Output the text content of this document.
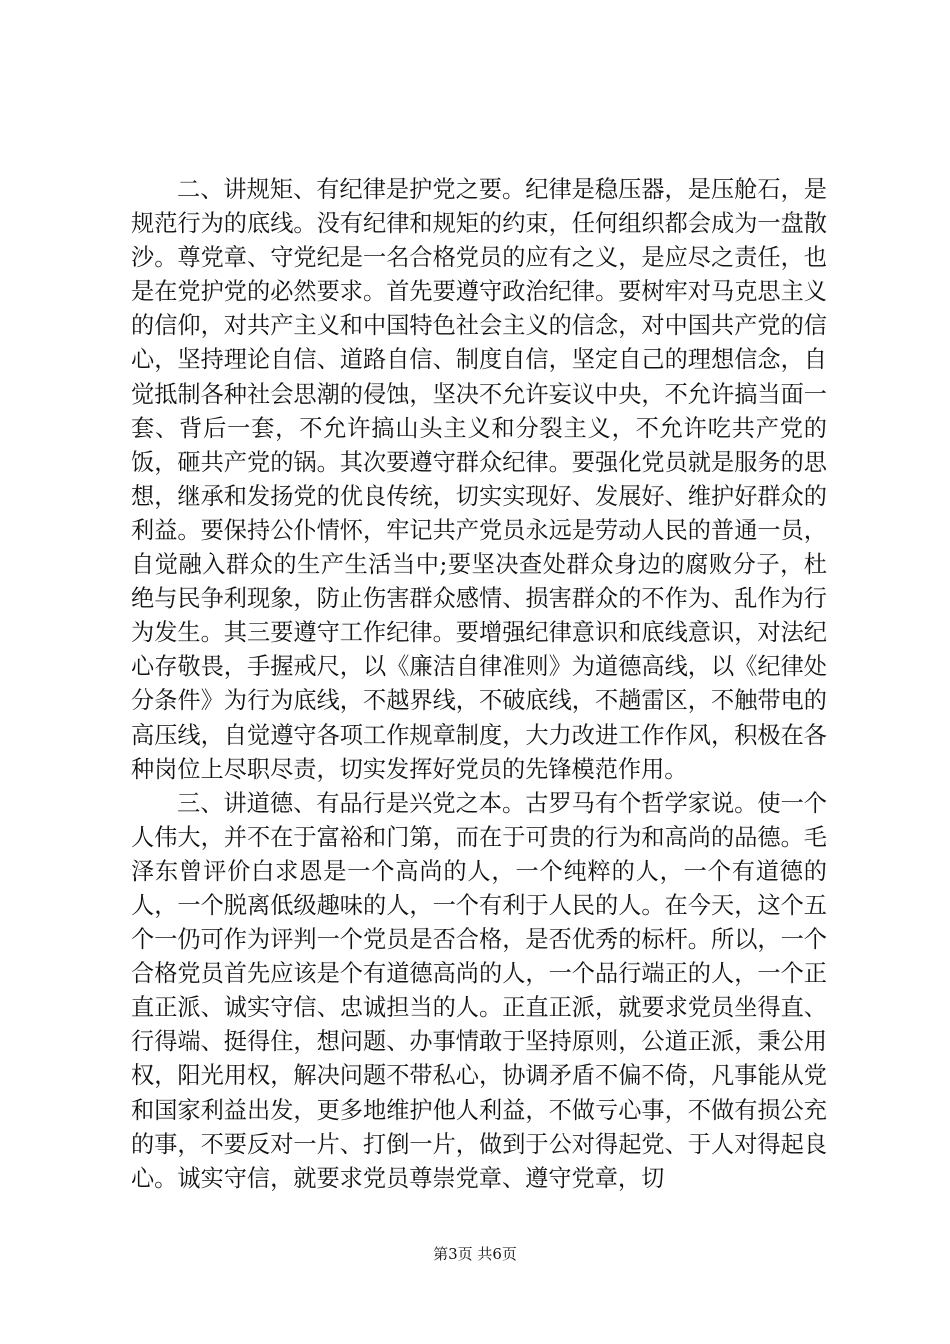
二、讲规矩、有纪律是护党之要。纪律是稳压器，是压舱石，是规范行为的底线。没有纪律和规矩的约束，任何组织都会成为一盘散沙。尊党章、守党纪是一名合格党员的应有之义，是应尽之责任，也是在党护党的必然要求。首先要遵守政治纪律。要树牢对马克思主义的信仰，对共产主义和中国特色社会主义的信念，对中国共产党的信心，坚持理论自信、道路自信、制度自信，坚定自己的理想信念，自觉抵制各种社会思潮的侵蚀，坚决不允许妄议中央，不允许搞当面一套、背后一套，不允许搞山头主义和分裂主义，不允许吃共产党的饭，砸共产党的锅。其次要遵守群众纪律。要强化党员就是服务的思想，继承和发扬党的优良传统，切实实现好、发展好、维护好群众的利益。要保持公仆情怀，牢记共产党员永远是劳动人民的普通一员，自觉融入群众的生产生活当中;要坚决查处群众身边的腐败分子，杜绝与民争利现象，防止伤害群众感情、损害群众的不作为、乱作为行为发生。其三要遵守工作纪律。要增强纪律意识和底线意识，对法纪心存敬畏，手握戒尺，以《廉洁自律准则》为道德高线，以《纪律处分条件》为行为底线，不越界线，不破底线，不趟雷区，不触带电的高压线，自觉遵守各项工作规章制度，大力改进工作作风，积极在各种岗位上尽职尽责，切实发挥好党员的先锋模范作用。

三、讲道德、有品行是兴党之本。古罗马有个哲学家说。使一个人伟大，并不在于富裕和门第，而在于可贵的行为和高尚的品德。毛泽东曾评价白求恩是一个高尚的人，一个纯粹的人，一个有道德的人，一个脱离低级趣味的人，一个有利于人民的人。在今天，这个五个一仍可作为评判一个党员是否合格，是否优秀的标杆。所以，一个合格党员首先应该是个有道德高尚的人，一个品行端正的人，一个正直正派、诚实守信、忠诚担当的人。正直正派，就要求党员坐得直、行得端、挺得住，想问题、办事情敢于坚持原则，公道正派，秉公用权，阳光用权，解决问题不带私心，协调矛盾不偏不倚，凡事能从党和国家利益出发，更多地维护他人利益，不做亏心事，不做有损公充的事，不要反对一片、打倒一片，做到于公对得起党、于人对得起良心。诚实守信，就要求党员尊崇党章、遵守党章，切

第3页 共6页
